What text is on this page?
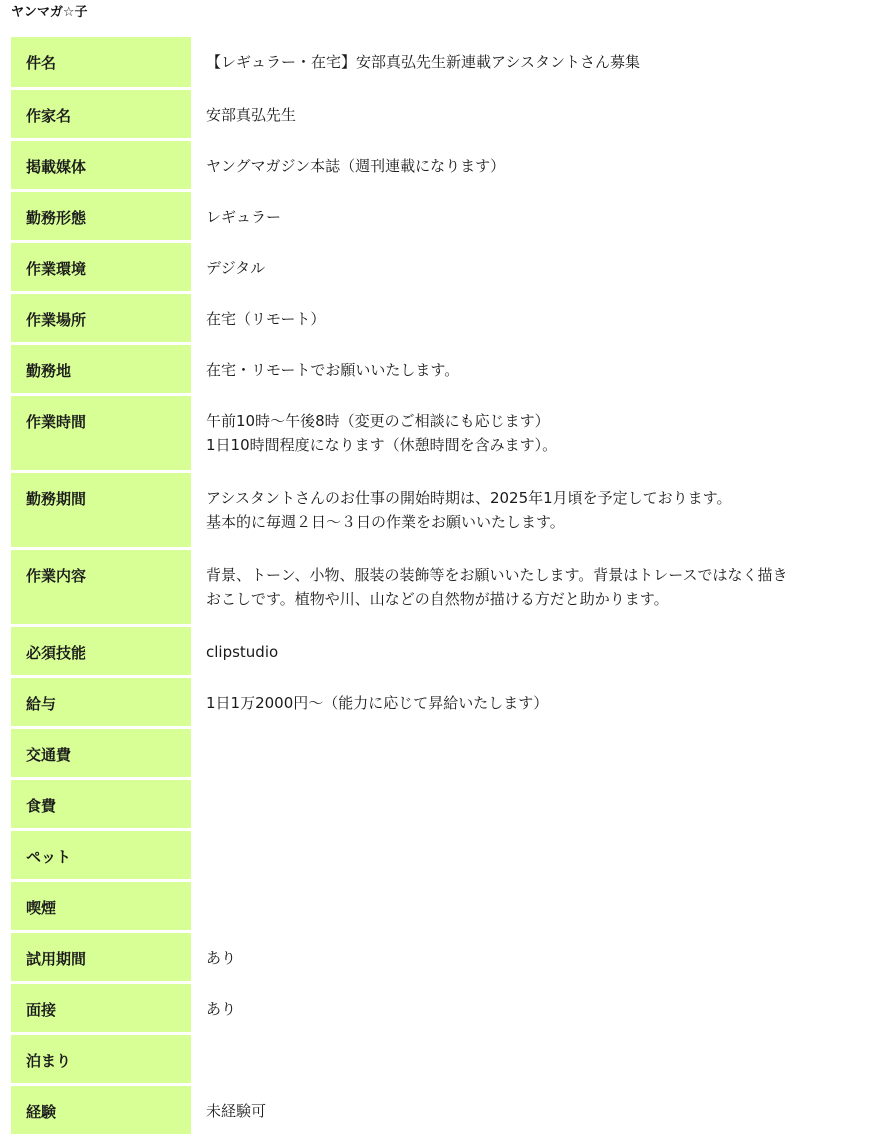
ヤンマガ☆子
件名	【レギュラー・在宅】安部真弘先生新連載アシスタントさん募集

作家名	安部真弘先生

掲載媒体	ヤングマガジン本誌（週刊連載になります）

勤務形態	レギュラー

作業環境	デジタル

作業場所	在宅（リモート）

勤務地	在宅・リモートでお願いいたします。

作業時間	午前10時〜午後8時（変更のご相談にも応じます）
1日10時間程度になります（休憩時間を含みます）。

勤務期間	アシスタントさんのお仕事の開始時期は、2025年1月頃を予定しております。
基本的に毎週２日〜３日の作業をお願いいたします。

作業内容	背景、トーン、小物、服装の装飾等をお願いいたします。背景はトレースではなく描き
おこしです。植物や川、山などの自然物が描ける方だと助かります。

必須技能	clipstudio

給与	1日1万2000円〜（能力に応じて昇給いたします）

交通費	

食費	

ペット	

喫煙	

試用期間	あり

面接	あり

泊まり	

経験	未経験可
